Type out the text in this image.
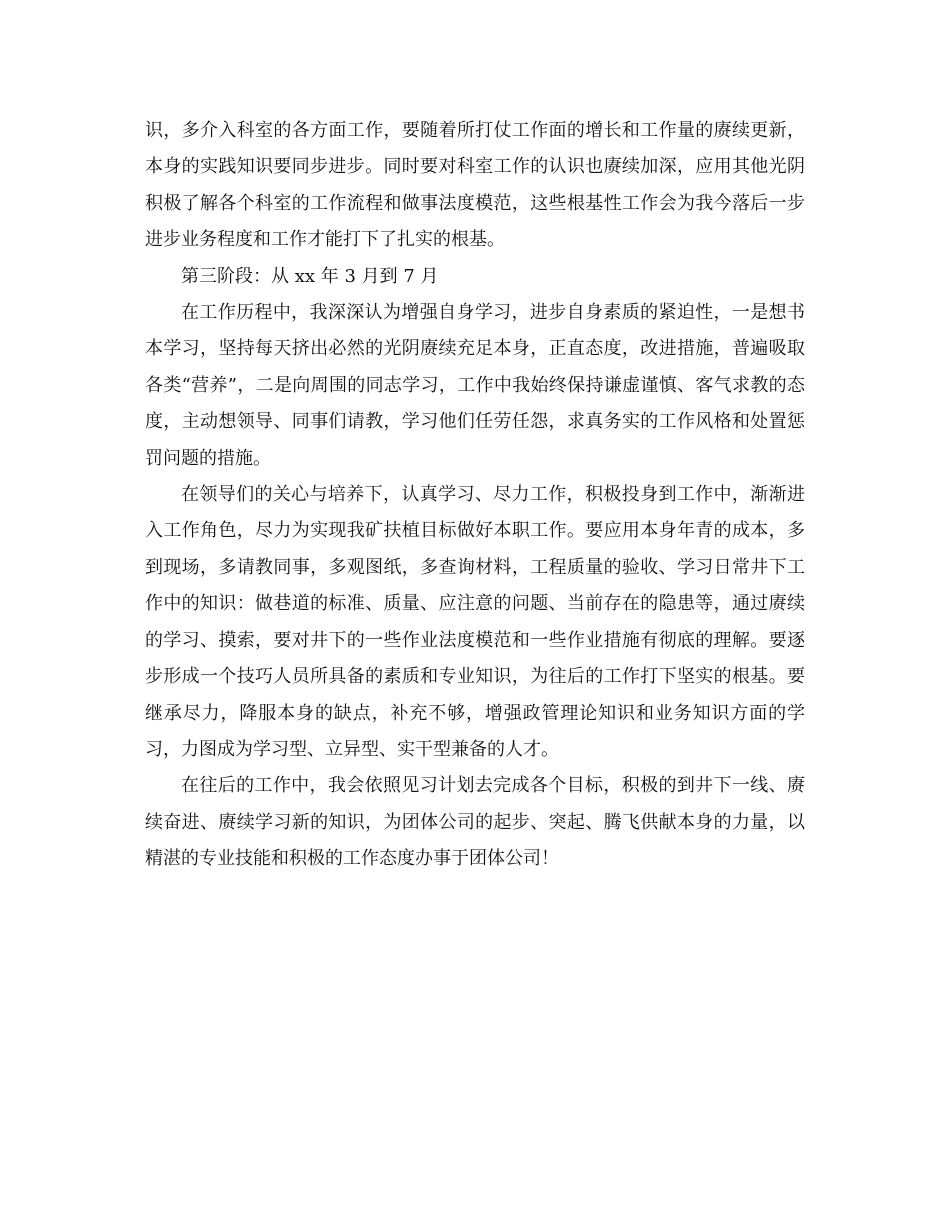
识，多介入科室的各方面工作，要随着所打仗工作面的增长和工作量的赓续更新，本身的实践知识要同步进步。同时要对科室工作的认识也赓续加深，应用其他光阴积极了解各个科室的工作流程和做事法度模范，这些根基性工作会为我今落后一步进步业务程度和工作才能打下了扎实的根基。

第三阶段：从 xx 年 3 月到 7 月

在工作历程中，我深深认为增强自身学习，进步自身素质的紧迫性，一是想书本学习，坚持每天挤出必然的光阴赓续充足本身，正直态度，改进措施，普遍吸取各类“营养”，二是向周围的同志学习，工作中我始终保持谦虚谨慎、客气求教的态度，主动想领导、同事们请教，学习他们任劳任怨，求真务实的工作风格和处置惩罚问题的措施。

在领导们的关心与培养下，认真学习、尽力工作，积极投身到工作中，渐渐进入工作角色，尽力为实现我矿扶植目标做好本职工作。要应用本身年青的成本，多到现场，多请教同事，多观图纸，多查询材料，工程质量的验收、学习日常井下工作中的知识：做巷道的标准、质量、应注意的问题、当前存在的隐患等，通过赓续的学习、摸索，要对井下的一些作业法度模范和一些作业措施有彻底的理解。要逐步形成一个技巧人员所具备的素质和专业知识，为往后的工作打下坚实的根基。要继承尽力，降服本身的缺点，补充不够，增强政管理论知识和业务知识方面的学习，力图成为学习型、立异型、实干型兼备的人才。

在往后的工作中，我会依照见习计划去完成各个目标，积极的到井下一线、赓续奋进、赓续学习新的知识，为团体公司的起步、突起、腾飞供献本身的力量，以精湛的专业技能和积极的工作态度办事于团体公司！
